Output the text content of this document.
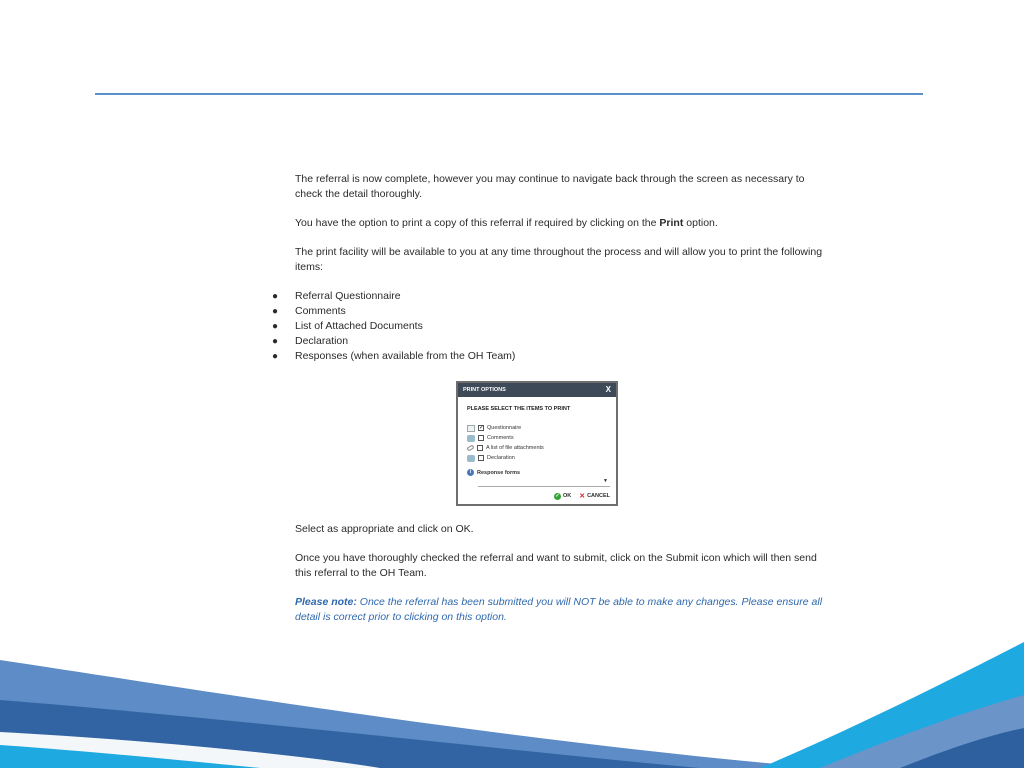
The referral is now complete, however you may continue to navigate back through the screen as necessary to check the detail thoroughly.

You have the option to print a copy of this referral if required by clicking on the Print option.

The print facility will be available to you at any time throughout the process and will allow you to print the following items:

● Referral Questionnaire
● Comments
● List of Attached Documents
● Declaration
● Responses (when available from the OH Team)
PRINT OPTIONS	X
PLEASE SELECT THE ITEMS TO PRINT
✓ Questionnaire
Comments
A list of file attachments
Declaration
i	Response forms
▼
✓ OK ✕ CANCEL

Select as appropriate and click on OK.

Once you have thoroughly checked the referral and want to submit, click on the Submit icon which will then send this referral to the OH Team.

Please note: Once the referral has been submitted you will NOT be able to make any changes. Please ensure all detail is correct prior to clicking on this option.
